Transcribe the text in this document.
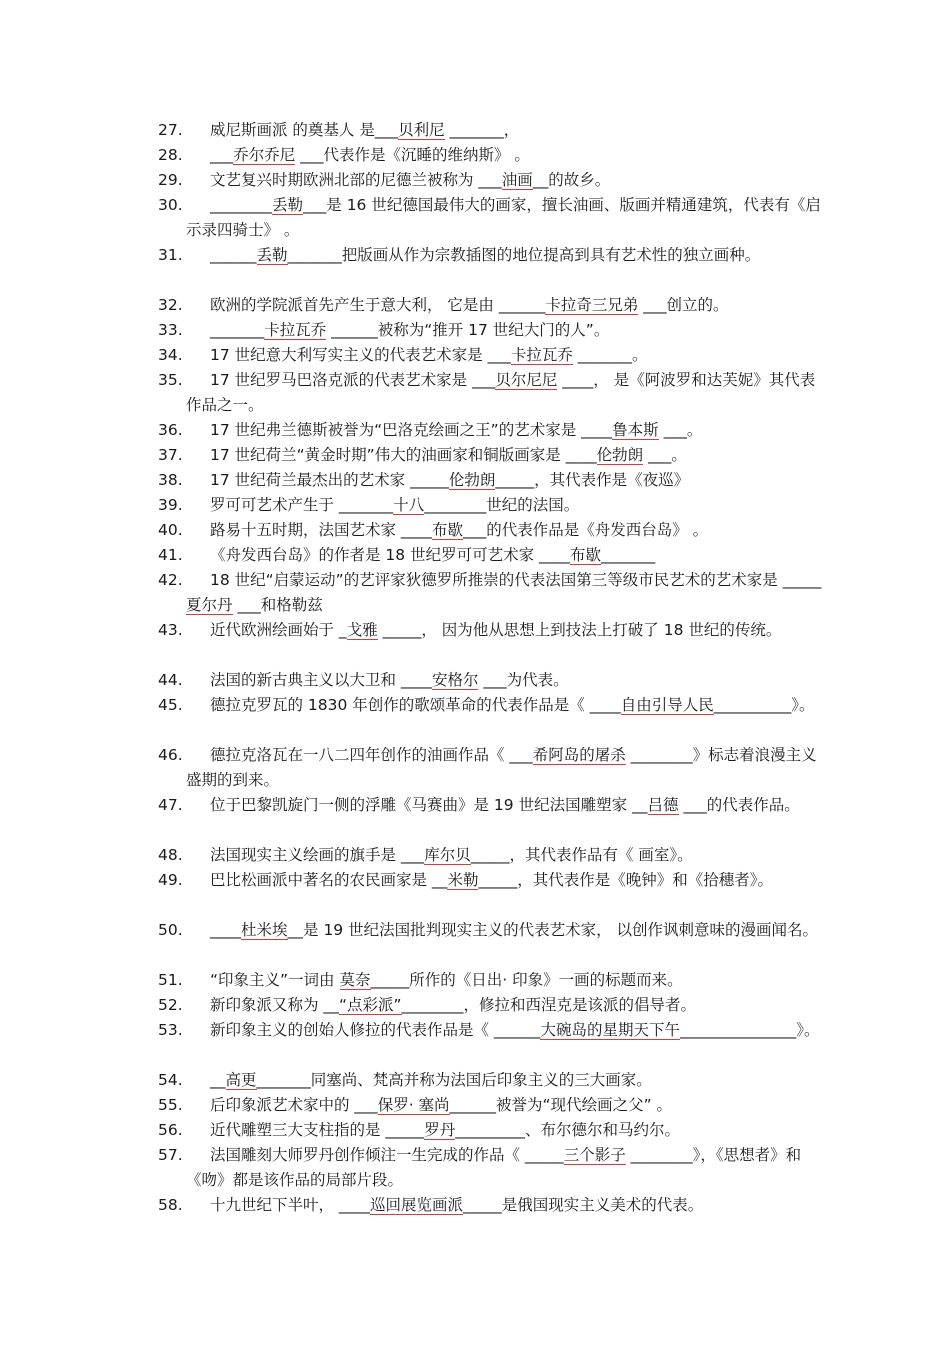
27.	威尼斯画派 的奠基人 是___贝利尼 _______，
28.	___乔尔乔尼 ___代表作是《沉睡的维纳斯》 。
29.	文艺复兴时期欧洲北部的尼德兰被称为 ___油画__的故乡。
30.	________丢勒___是 16 世纪德国最伟大的画家，擅长油画、版画并精通建筑，代表有《启示录四骑士》 。
31.	______丢勒_______把版画从作为宗教插图的地位提高到具有艺术性的独立画种。
32.	欧洲的学院派首先产生于意大利， 它是由 ______卡拉奇三兄弟 ___创立的。
33.	_______卡拉瓦乔 ______被称为“推开 17 世纪大门的人”。
34.	17 世纪意大利写实主义的代表艺术家是 ___卡拉瓦乔 _______。
35.	17 世纪罗马巴洛克派的代表艺术家是 ___贝尔尼尼 ____， 是《阿波罗和达芙妮》其代表作品之一。
36.	17 世纪弗兰德斯被誉为“巴洛克绘画之王”的艺术家是 ____鲁本斯 ___。
37.	17 世纪荷兰“黄金时期”伟大的油画家和铜版画家是 ____伦勃朗 ___。
38.	17 世纪荷兰最杰出的艺术家 _____伦勃朗_____，其代表作是《夜巡》
39.	罗可可艺术产生于 _______十八________世纪的法国。
40.	路易十五时期，法国艺术家 ____布歇___的代表作品是《舟发西台岛》 。
41.	《舟发西台岛》的作者是 18 世纪罗可可艺术家 ____布歇_______
42.	18 世纪“启蒙运动”的艺评家狄德罗所推崇的代表法国第三等级市民艺术的艺术家是 _____夏尔丹 ___和格勒兹
43.	近代欧洲绘画始于 _戈雅 _____， 因为他从思想上到技法上打破了 18 世纪的传统。
44.	法国的新古典主义以大卫和 ____安格尔 ___为代表。
45.	德拉克罗瓦的 1830 年创作的歌颂革命的代表作品是《 ____自由引导人民__________》。
46.	德拉克洛瓦在一八二四年创作的油画作品《 ___希阿岛的屠杀 ________》标志着浪漫主义盛期的到来。
47.	位于巴黎凯旋门一侧的浮雕《马赛曲》是 19 世纪法国雕塑家 __吕德 ___的代表作品。
48.	法国现实主义绘画的旗手是 ___库尔贝_____，其代表作品有《 画室》。
49.	巴比松画派中著名的农民画家是 __米勒_____，其代表作是《晚钟》和《拾穗者》。
50.	____杜米埃__是 19 世纪法国批判现实主义的代表艺术家， 以创作讽刺意味的漫画闻名。
51.	“印象主义”一词由 莫奈_____所作的《日出· 印象》一画的标题而来。
52.	新印象派又称为 __“点彩派”________，修拉和西涅克是该派的倡导者。
53.	新印象主义的创始人修拉的代表作品是《 ______大碗岛的星期天下午_______________》。
54.	__高更_______同塞尚、梵高并称为法国后印象主义的三大画家。
55.	后印象派艺术家中的 ___保罗· 塞尚______被誉为“现代绘画之父” 。
56.	近代雕塑三大支柱指的是 _____罗丹_________、布尔德尔和马约尔。
57.	法国雕刻大师罗丹创作倾注一生完成的作品《 _____三个影子 ________》，《思想者》和《吻》都是该作品的局部片段。
58.	十九世纪下半叶， ____巡回展览画派_____是俄国现实主义美术的代表。
